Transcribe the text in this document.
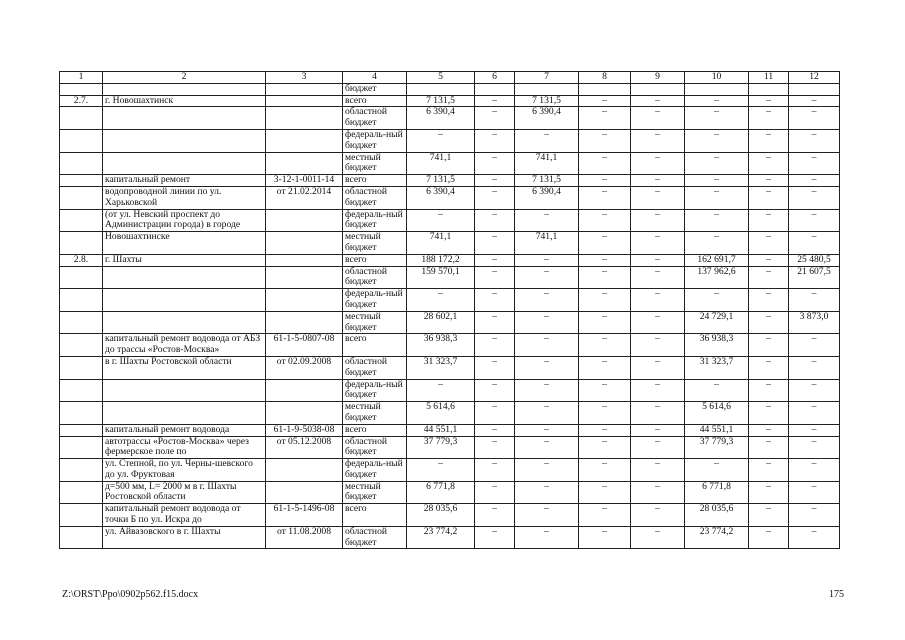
1	2	3	4	5	6	7	8	9	10	11	12
			бюджет								
2.7.	г. Новошахтинск		всего	7 131,5	–	7 131,5	–	–	–	–	–
			областной бюджет	6 390,4	–	6 390,4	–	–	–	–	–
			федераль-ный бюджет	–	–	–	–	–	–	–	–
			местный бюджет	741,1	–	741,1	–	–	–	–	–
	капитальный ремонт	3-12-1-0011-14	всего	7 131,5	–	7 131,5	–	–	–	–	–
	водопроводной линии по ул. Харьковской	от 21.02.2014	областной бюджет	6 390,4	–	6 390,4	–	–	–	–	–
	(от ул. Невский проспект до Администрации города) в городе		федераль-ный бюджет	–	–	–	–	–	–	–	–
	Новошахтинске		местный бюджет	741,1	–	741,1	–	–	–	–	–
2.8.	г. Шахты		всего	188 172,2	–	–	–	–	162 691,7	–	25 480,5
			областной бюджет	159 570,1	–	–	–	–	137 962,6	–	21 607,5
			федераль-ный бюджет	–	–	–	–	–	–	–	–
			местный бюджет	28 602,1	–	–	–	–	24 729,1	–	3 873,0
	капитальный ремонт водовода от АБЗ до трассы «Ростов-Москва»	61-1-5-0807-08	всего	36 938,3	–	–	–	–	36 938,3	–	–
	в г. Шахты Ростовской области	от 02.09.2008	областной бюджет	31 323,7	–	–	–	–	31 323,7	–	–
			федераль-ный бюджет	–	–	–	–	–	–	–	–
			местный бюджет	5 614,6	–	–	–	–	5 614,6	–	–
	капитальный ремонт водовода	61-1-9-5038-08	всего	44 551,1	–	–	–	–	44 551,1	–	–
	автотрассы «Ростов-Москва» через фермерское поле по	от 05.12.2008	областной бюджет	37 779,3	–	–	–	–	37 779,3	–	–
	ул. Степной, по ул. Черны-шевского до ул. Фруктовая		федераль-ный бюджет	–	–	–	–	–	–	–	–
	д=500 мм, L= 2000 м в г. Шахты Ростовской области		местный бюджет	6 771,8	–	–	–	–	6 771,8	–	–
	капитальный ремонт водовода от точки Б по ул. Искра до	61-1-5-1496-08	всего	28 035,6	–	–	–	–	28 035,6	–	–
	ул. Айвазовского в г. Шахты	от 11.08.2008	областной бюджет	23 774,2	–	–	–	–	23 774,2	–	–
Z:\ORST\Ppo\0902p562.f15.docx	175
